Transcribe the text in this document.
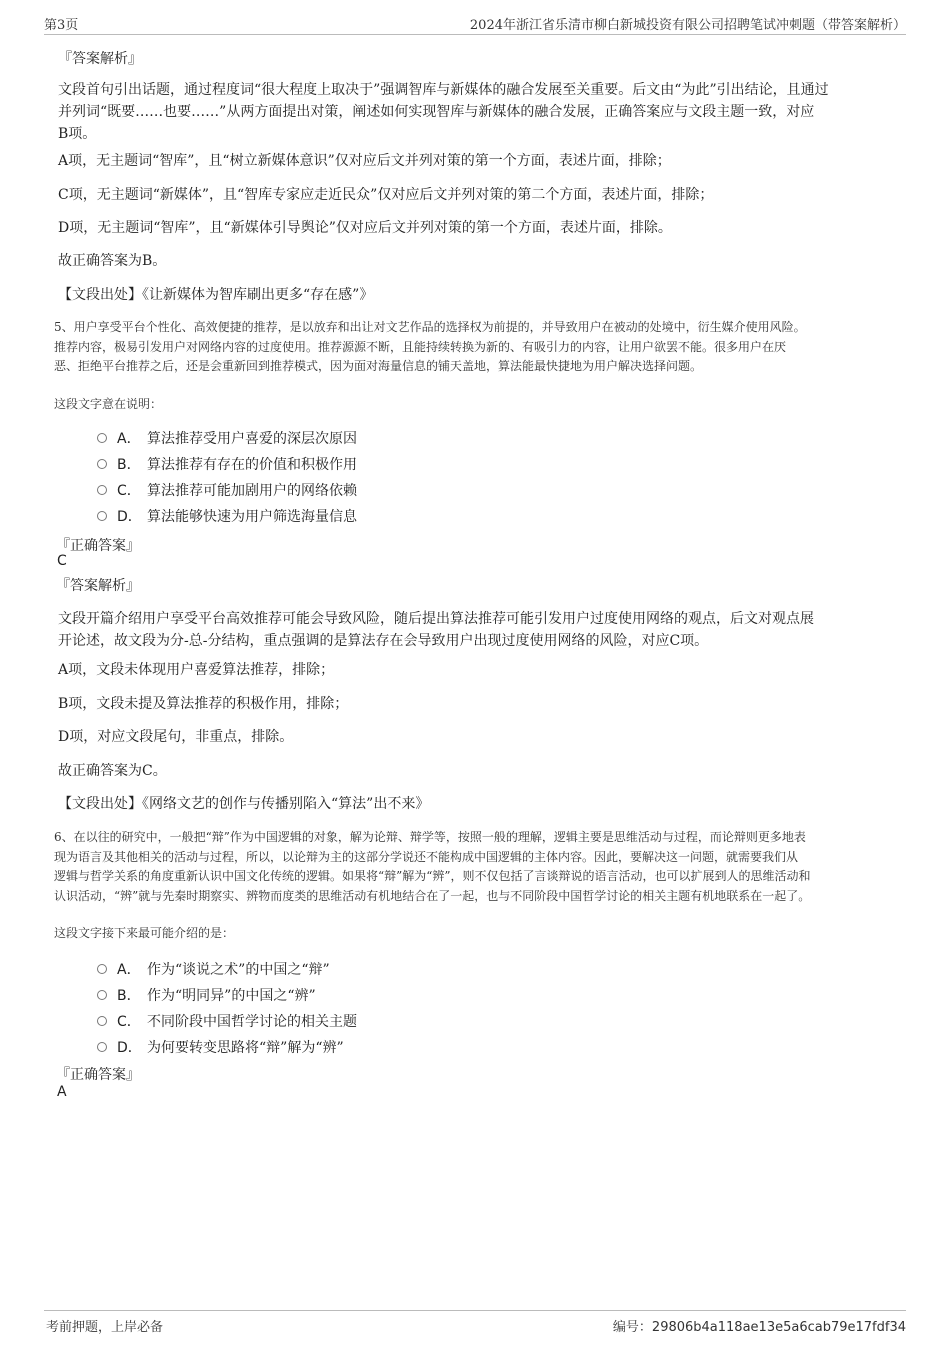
第3页	2024年浙江省乐清市柳白新城投资有限公司招聘笔试冲刺题（带答案解析）
『答案解析』
文段首句引出话题，通过程度词“很大程度上取决于”强调智库与新媒体的融合发展至关重要。后文由“为此”引出结论，且通过
并列词“既要……也要……”从两方面提出对策，阐述如何实现智库与新媒体的融合发展，正确答案应与文段主题一致，对应
B项。
A项，无主题词“智库”，且“树立新媒体意识”仅对应后文并列对策的第一个方面，表述片面，排除；
C项，无主题词“新媒体”，且“智库专家应走近民众”仅对应后文并列对策的第二个方面，表述片面，排除；
D项，无主题词“智库”，且“新媒体引导舆论”仅对应后文并列对策的第一个方面，表述片面，排除。
故正确答案为B。
【文段出处】《让新媒体为智库刷出更多“存在感”》
5、用户享受平台个性化、高效便捷的推荐，是以放弃和出让对文艺作品的选择权为前提的，并导致用户在被动的处境中，衍生媒介使用风险。
推荐内容，极易引发用户对网络内容的过度使用。推荐源源不断，且能持续转换为新的、有吸引力的内容，让用户欲罢不能。很多用户在厌
恶、拒绝平台推荐之后，还是会重新回到推荐模式，因为面对海量信息的铺天盖地，算法能最快捷地为用户解决选择问题。
这段文字意在说明：
A． 算法推荐受用户喜爱的深层次原因
B． 算法推荐有存在的价值和积极作用
C． 算法推荐可能加剧用户的网络依赖
D． 算法能够快速为用户筛选海量信息
『正确答案』
C
『答案解析』
文段开篇介绍用户享受平台高效推荐可能会导致风险，随后提出算法推荐可能引发用户过度使用网络的观点，后文对观点展
开论述，故文段为分-总-分结构，重点强调的是算法存在会导致用户出现过度使用网络的风险，对应C项。
A项，文段未体现用户喜爱算法推荐，排除；
B项，文段未提及算法推荐的积极作用，排除；
D项，对应文段尾句，非重点，排除。
故正确答案为C。
【文段出处】《网络文艺的创作与传播别陷入“算法”出不来》
6、在以往的研究中，一般把“辩”作为中国逻辑的对象，解为论辩、辩学等，按照一般的理解，逻辑主要是思维活动与过程，而论辩则更多地表
现为语言及其他相关的活动与过程，所以，以论辩为主的这部分学说还不能构成中国逻辑的主体内容。因此，要解决这一问题，就需要我们从
逻辑与哲学关系的角度重新认识中国文化传统的逻辑。如果将“辩”解为“辨”，则不仅包括了言谈辩说的语言活动，也可以扩展到人的思维活动和
认识活动，“辨”就与先秦时期察实、辨物而度类的思维活动有机地结合在了一起，也与不同阶段中国哲学讨论的相关主题有机地联系在一起了。
这段文字接下来最可能介绍的是：
A． 作为“谈说之术”的中国之“辩”
B． 作为“明同异”的中国之“辨”
C． 不同阶段中国哲学讨论的相关主题
D． 为何要转变思路将“辩”解为“辨”
『正确答案』
A
考前押题，上岸必备	编号：29806b4a118ae13e5a6cab79e17fdf34
